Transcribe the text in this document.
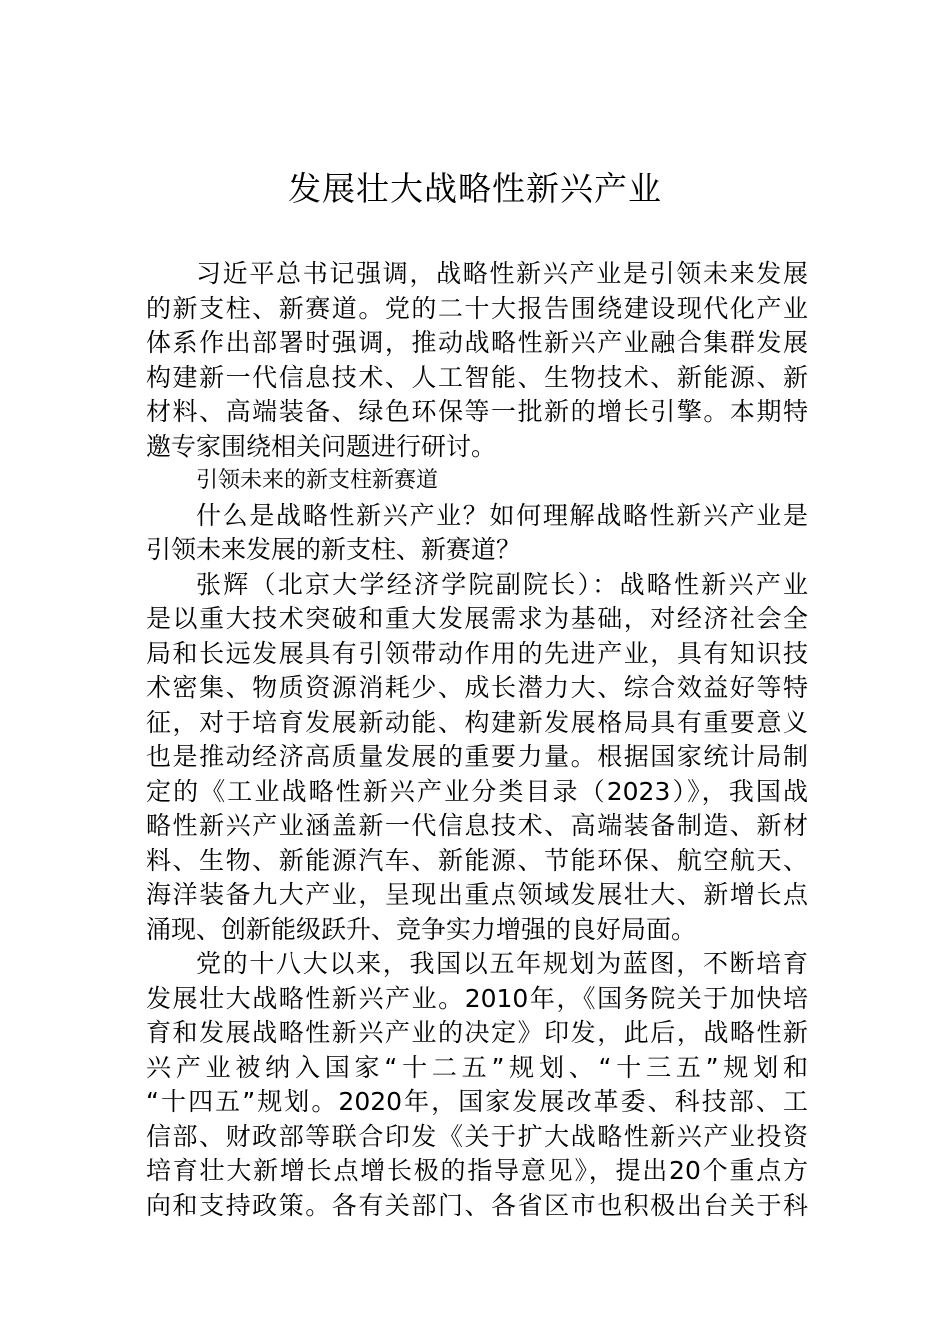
发展壮大战略性新兴产业
习近平总书记强调，战略性新兴产业是引领未来发展
的新支柱、新赛道。党的二十大报告围绕建设现代化产业
体系作出部署时强调，推动战略性新兴产业融合集群发展
构建新一代信息技术、人工智能、生物技术、新能源、新
材料、高端装备、绿色环保等一批新的增长引擎。本期特
邀专家围绕相关问题进行研讨。
引领未来的新支柱新赛道
什么是战略性新兴产业？如何理解战略性新兴产业是
引领未来发展的新支柱、新赛道？
张辉（北京大学经济学院副院长）：战略性新兴产业
是以重大技术突破和重大发展需求为基础，对经济社会全
局和长远发展具有引领带动作用的先进产业，具有知识技
术密集、物质资源消耗少、成长潜力大、综合效益好等特
征，对于培育发展新动能、构建新发展格局具有重要意义
也是推动经济高质量发展的重要力量。根据国家统计局制
定的《工业战略性新兴产业分类目录（2023）》，我国战
略性新兴产业涵盖新一代信息技术、高端装备制造、新材
料、生物、新能源汽车、新能源、节能环保、航空航天、
海洋装备九大产业，呈现出重点领域发展壮大、新增长点
涌现、创新能级跃升、竞争实力增强的良好局面。
党的十八大以来，我国以五年规划为蓝图，不断培育
发展壮大战略性新兴产业。2010年，《国务院关于加快培
育和发展战略性新兴产业的决定》印发，此后，战略性新
兴产业被纳入国家“十二五”规划、“十三五”规划和
“十四五”规划。2020年，国家发展改革委、科技部、工
信部、财政部等联合印发《关于扩大战略性新兴产业投资
培育壮大新增长点增长极的指导意见》，提出20个重点方
向和支持政策。各有关部门、各省区市也积极出台关于科
